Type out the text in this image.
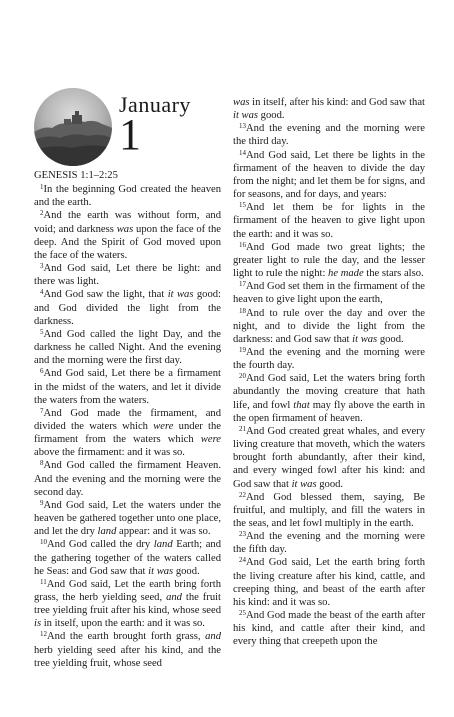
January
1
GENESIS 1:1–2:25

$^1$In the beginning God created the heaven and the earth.

$^2$And the earth was without form, and void; and darkness was upon the face of the deep. And the Spirit of God moved upon the face of the waters.

$^3$And God said, Let there be light: and there was light.

$^4$And God saw the light, that it was good: and God divided the light from the darkness.

$^5$And God called the light Day, and the darkness he called Night. And the evening and the morning were the first day.

$^6$And God said, Let there be a firmament in the midst of the waters, and let it divide the waters from the waters.

$^7$And God made the firmament, and divided the waters which were under the firmament from the waters which were above the firmament: and it was so.

$^8$And God called the firmament Heaven. And the evening and the morning were the second day.

$^9$And God said, Let the waters under the heaven be gathered together unto one place, and let the dry land appear: and it was so.

$^{10}$And God called the dry land Earth; and the gathering together of the waters called he Seas: and God saw that it was good.

$^{11}$And God said, Let the earth bring forth grass, the herb yielding seed, and the fruit tree yielding fruit after his kind, whose seed is in itself, upon the earth: and it was so.

$^{12}$And the earth brought forth grass, and herb yielding seed after his kind, and the tree yielding fruit, whose seed

was in itself, after his kind: and God saw that it was good.

$^{13}$And the evening and the morning were the third day.

$^{14}$And God said, Let there be lights in the firmament of the heaven to divide the day from the night; and let them be for signs, and for seasons, and for days, and years:

$^{15}$And let them be for lights in the firmament of the heaven to give light upon the earth: and it was so.

$^{16}$And God made two great lights; the greater light to rule the day, and the lesser light to rule the night: he made the stars also.

$^{17}$And God set them in the firmament of the heaven to give light upon the earth,

$^{18}$And to rule over the day and over the night, and to divide the light from the darkness: and God saw that it was good.

$^{19}$And the evening and the morning were the fourth day.

$^{20}$And God said, Let the waters bring forth abundantly the moving creature that hath life, and fowl that may fly above the earth in the open firmament of heaven.

$^{21}$And God created great whales, and every living creature that moveth, which the waters brought forth abundantly, after their kind, and every winged fowl after his kind: and God saw that it was good.

$^{22}$And God blessed them, saying, Be fruitful, and multiply, and fill the waters in the seas, and let fowl multiply in the earth.

$^{23}$And the evening and the morning were the fifth day.

$^{24}$And God said, Let the earth bring forth the living creature after his kind, cattle, and creeping thing, and beast of the earth after his kind: and it was so.

$^{25}$And God made the beast of the earth after his kind, and cattle after their kind, and every thing that creepeth upon the
